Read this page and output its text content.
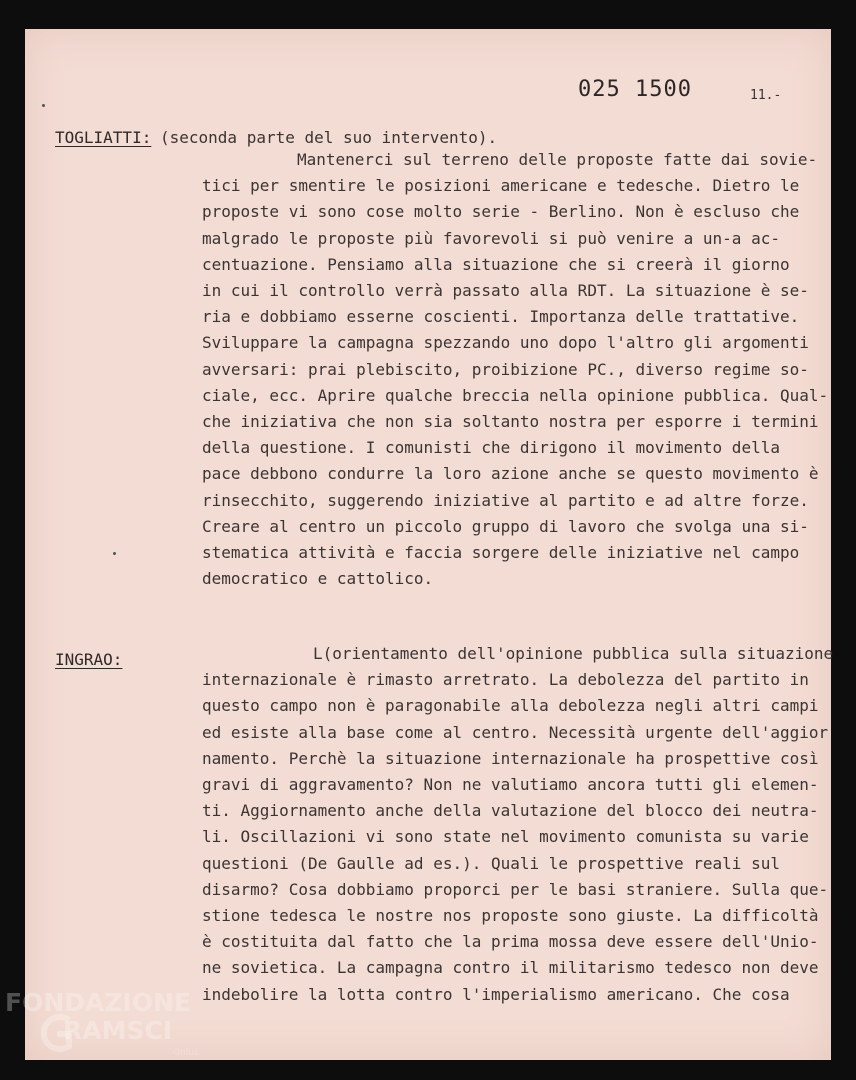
025 1500	11.-
TOGLIATTI: (seconda parte del suo intervento).
Mantenerci sul terreno delle proposte fatte dai sovie-
tici per smentire le posizioni americane e tedesche. Dietro le
proposte vi sono cose molto serie - Berlino. Non è escluso che
malgrado le proposte più favorevoli si può venire a un-a ac-
centuazione. Pensiamo alla situazione che si creerà il giorno
in cui il controllo verrà passato alla RDT. La situazione è se-
ria e dobbiamo esserne coscienti. Importanza delle trattative.
Sviluppare la campagna spezzando uno dopo l'altro gli argomenti
avversari: prai plebiscito, proibizione PC., diverso regime so-
ciale, ecc. Aprire qualche breccia nella opinione pubblica. Qual-
che iniziativa che non sia soltanto nostra per esporre i termini
della questione. I comunisti che dirigono il movimento della
pace debbono condurre la loro azione anche se questo movimento è
rinsecchito, suggerendo iniziative al partito e ad altre forze.
Creare al centro un piccolo gruppo di lavoro che svolga una si-
stematica attività e faccia sorgere delle iniziative nel campo
democratico e cattolico.
INGRAO:	L(orientamento dell'opinione pubblica sulla situazione
internazionale è rimasto arretrato. La debolezza del partito in
questo campo non è paragonabile alla debolezza negli altri campi
ed esiste alla base come al centro. Necessità urgente dell'aggior
namento. Perchè la situazione internazionale ha prospettive così
gravi di aggravamento? Non ne valutiamo ancora tutti gli elemen-
ti. Aggiornamento anche della valutazione del blocco dei neutra-
li. Oscillazioni vi sono state nel movimento comunista su varie
questioni (De Gaulle ad es.). Quali le prospettive reali sul
disarmo? Cosa dobbiamo proporci per le basi straniere. Sulla que-
stione tedesca le nostre nos proposte sono giuste. La difficoltà
è costituita dal fatto che la prima mossa deve essere dell'Unio-
ne sovietica. La campagna contro il militarismo tedesco non deve
indebolire la lotta contro l'imperialismo americano. Che cosa
FONDAZIONE
RAMSCI
Onlus
